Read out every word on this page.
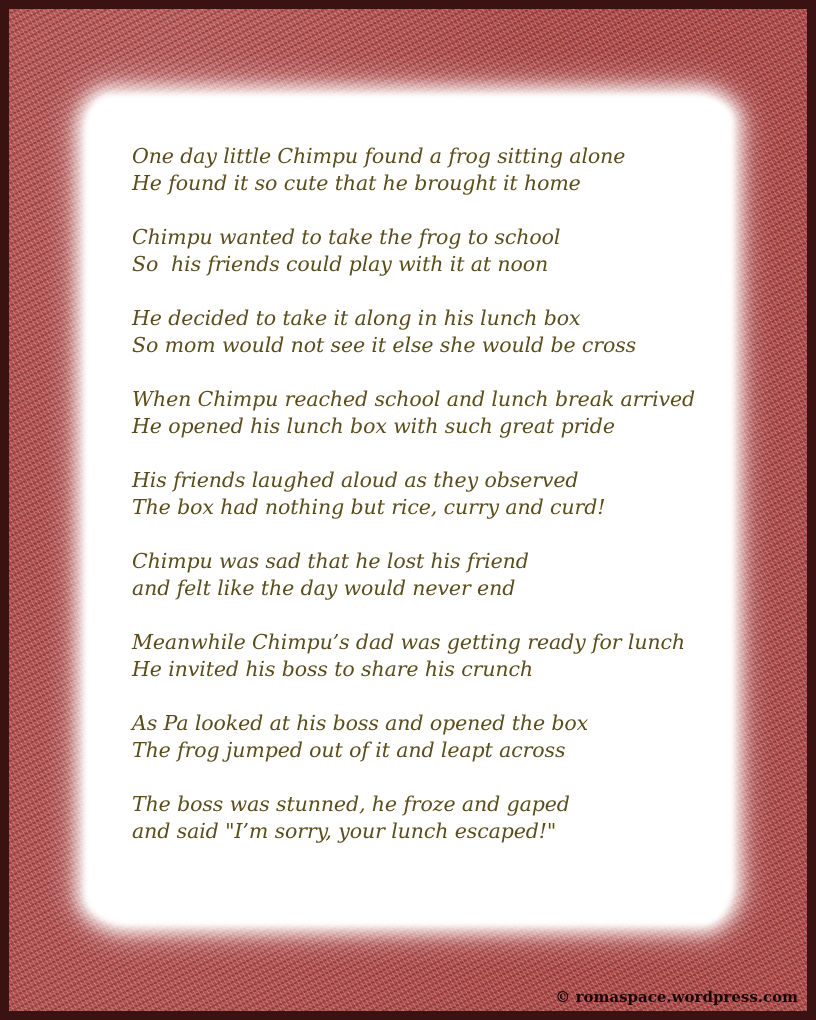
One day little Chimpu found a frog sitting alone
He found it so cute that he brought it home
Chimpu wanted to take the frog to school
So  his friends could play with it at noon
He decided to take it along in his lunch box
So mom would not see it else she would be cross
When Chimpu reached school and lunch break arrived
He opened his lunch box with such great pride
His friends laughed aloud as they observed
The box had nothing but rice, curry and curd!
Chimpu was sad that he lost his friend
and felt like the day would never end
Meanwhile Chimpu’s dad was getting ready for lunch
He invited his boss to share his crunch
As Pa looked at his boss and opened the box
The frog jumped out of it and leapt across
The boss was stunned, he froze and gaped
and said "I’m sorry, your lunch escaped!"
© romaspace.wordpress.com
